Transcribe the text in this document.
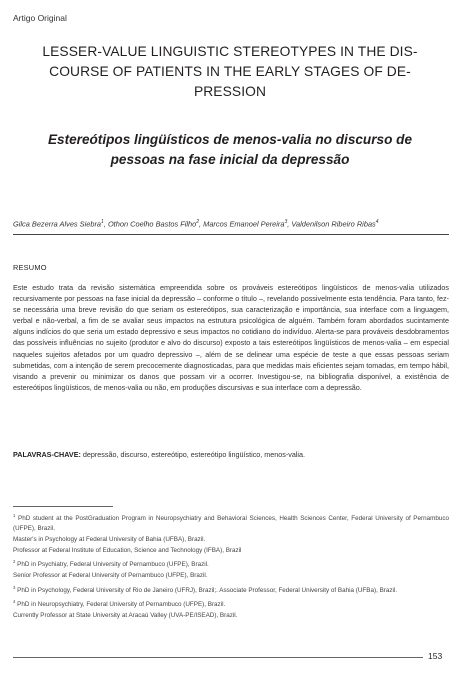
Artigo Original
LESSER-VALUE LINGUISTIC STEREOTYPES IN THE DIS-
COURSE OF PATIENTS IN THE EARLY STAGES OF DE-
PRESSION
Estereótipos lingüísticos de menos-valia no discurso de
pessoas na fase inicial da depressão
Gilca Bezerra Alves Siebra$^1$, Othon Coelho Bastos Filho$^2$, Marcos Emanoel Pereira$^3$, Valdenilson Ribeiro Ribas$^4$
RESUMO

Este estudo trata da revisão sistemática empreendida sobre os prováveis estereótipos lingüísticos de menos-valia utilizados recursivamente por pessoas na fase inicial da depressão – conforme o título –, revelando possivelmente esta tendência. Para tanto, fez-se necessária uma breve revisão do que seriam os estereótipos, sua caracterização e importância, sua interface com a linguagem, verbal e não-verbal, a fim de se avaliar seus impactos na estrutura psicológica de alguém. Também foram abordados sucintamente alguns indícios do que seria um estado depressivo e seus impactos no cotidiano do indivíduo. Alerta-se para prováveis desdobramentos das possíveis influências no sujeito (produtor e alvo do discurso) exposto a tais estereótipos lingüísticos de menos-valia – em especial naqueles sujeitos afetados por um quadro depressivo –, além de se delinear uma espécie de teste a que essas pessoas seriam submetidas, com a intenção de serem precocemente diagnosticadas, para que medidas mais eficientes sejam tomadas, em tempo hábil, visando a prevenir ou minimizar os danos que possam vir a ocorrer. Investigou-se, na bibliografia disponível, a existência de estereótipos lingüísticos, de menos-valia ou não, em produções discursivas e sua interface com a depressão.

PALAVRAS-CHAVE: depressão, discurso, estereótipo, estereótipo lingüístico, menos-valia.

$^1$ PhD student at the PostGraduation Program in Neuropsychiatry and Behavioral Sciences, Health Sciences Center, Federal University of Pernambuco (UFPE), Brazil.

Master's in Psychology at Federal University of Bahia (UFBA), Brazil.

Professor at Federal Institute of Education, Science and Technology (IFBA), Brazil

$^2$ PhD in Psychiatry, Federal University of Pernambuco (UFPE), Brazil.

Senior Professor at Federal University of Pernambuco (UFPE), Brazil.

$^3$ PhD in Psychology, Federal University of Rio de Janeiro (UFRJ), Brazil;. Associate Professor, Federal University of Bahia (UFBa), Brazil.

$^4$ PhD in Neuropsychiatry, Federal University of Pernambuco (UFPE), Brazil.

Currently Professor at State University at Aracaú Valley (UVA-PE/ISEAD), Brazil.

153
